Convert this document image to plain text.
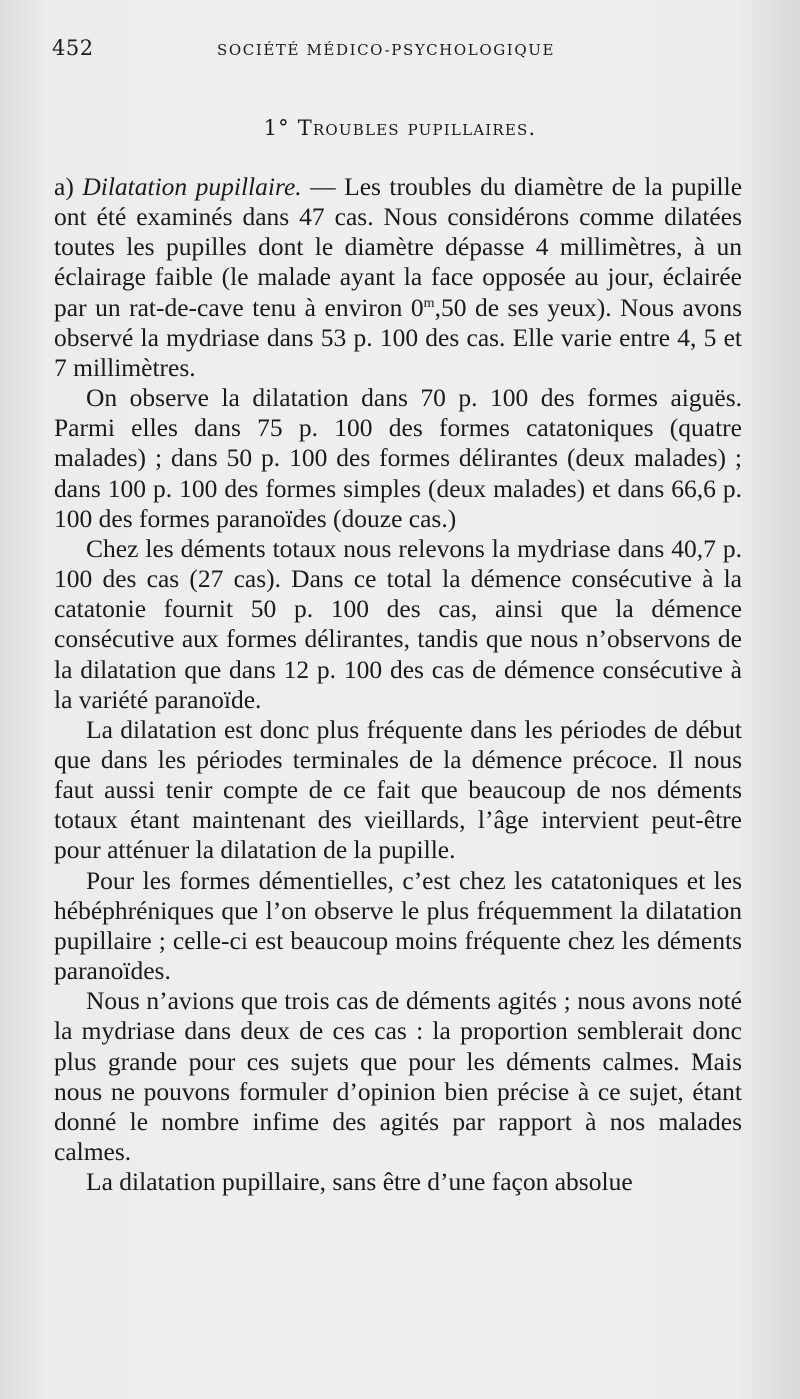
452	SOCIÉTÉ MÉDICO-PSYCHOLOGIQUE
1° Troubles pupillaires.

a) Dilatation pupillaire. — Les troubles du diamètre de la pupille ont été examinés dans 47 cas. Nous considérons comme dilatées toutes les pupilles dont le diamètre dépasse 4 millimètres, à un éclairage faible (le malade ayant la face opposée au jour, éclairée par un rat-de-cave tenu à environ 0$^m$,50 de ses yeux). Nous avons observé la mydriase dans 53 p. 100 des cas. Elle varie entre 4, 5 et 7 millimètres.

On observe la dilatation dans 70 p. 100 des formes aiguës. Parmi elles dans 75 p. 100 des formes catatoniques (quatre malades) ; dans 50 p. 100 des formes délirantes (deux malades) ; dans 100 p. 100 des formes simples (deux malades) et dans 66,6 p. 100 des formes paranoïdes (douze cas.)

Chez les déments totaux nous relevons la mydriase dans 40,7 p. 100 des cas (27 cas). Dans ce total la démence consécutive à la catatonie fournit 50 p. 100 des cas, ainsi que la démence consécutive aux formes délirantes, tandis que nous n’observons de la dilatation que dans 12 p. 100 des cas de démence consécutive à la variété paranoïde.

La dilatation est donc plus fréquente dans les périodes de début que dans les périodes terminales de la démence précoce. Il nous faut aussi tenir compte de ce fait que beaucoup de nos déments totaux étant maintenant des vieillards, l’âge intervient peut-être pour atténuer la dilatation de la pupille.

Pour les formes démentielles, c’est chez les catatoniques et les hébéphréniques que l’on observe le plus fréquemment la dilatation pupillaire ; celle-ci est beaucoup moins fréquente chez les déments paranoïdes.

Nous n’avions que trois cas de déments agités ; nous avons noté la mydriase dans deux de ces cas : la proportion semblerait donc plus grande pour ces sujets que pour les déments calmes. Mais nous ne pouvons formuler d’opinion bien précise à ce sujet, étant donné le nombre infime des agités par rapport à nos malades calmes.

La dilatation pupillaire, sans être d’une façon absolue
